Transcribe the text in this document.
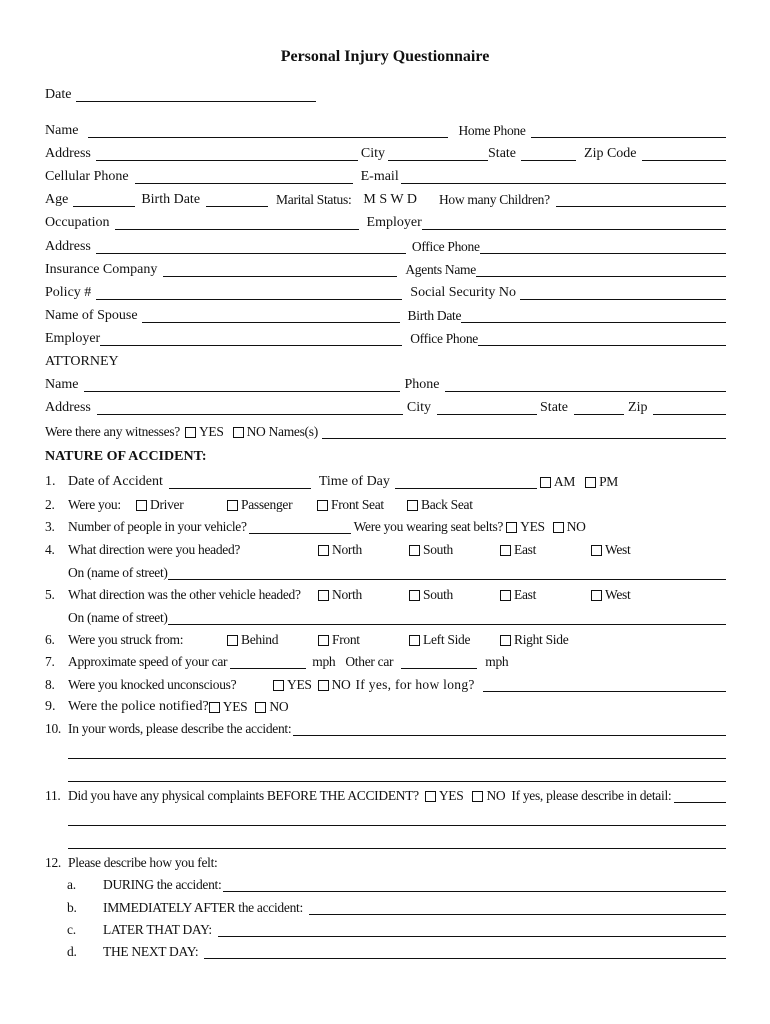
Personal Injury Questionnaire
Date
Name	Home Phone
Address	City	State	Zip Code
Cellular Phone	E-mail
Age	Birth Date	Marital Status: M S W D How many Children?
Occupation	Employer
Address	Office Phone
Insurance Company	Agents Name
Policy #	Social Security No
Name of Spouse	Birth Date
Employer	Office Phone
ATTORNEY
Name	Phone
Address	City	State	Zip
Were there any witnesses? YES NO Names(s)
NATURE OF ACCIDENT:
1. Date of Accident	Time of Day	AM PM
2. Were you:	Driver	Passenger	Front Seat	Back Seat
3. Number of people in your vehicle?	Were you wearing seat belts? YES NO
4. What direction were you headed?	North	South	East	West
On (name of street)
5. What direction was the other vehicle headed?	North	South	East	West
On (name of street)
6. Were you struck from:	Behind	Front	Left Side	Right Side
7. Approximate speed of your car	mph Other car	mph
8. Were you knocked unconscious?	YES NO If yes, for how long?
9. Were the police notified? YES NO
10. In your words, please describe the accident:
11. Did you have any physical complaints BEFORE THE ACCIDENT? YES NO If yes, please describe in detail:
12. Please describe how you felt:
a.	DURING the accident:
b.	IMMEDIATELY AFTER the accident:
c.	LATER THAT DAY:
d.	THE NEXT DAY:
